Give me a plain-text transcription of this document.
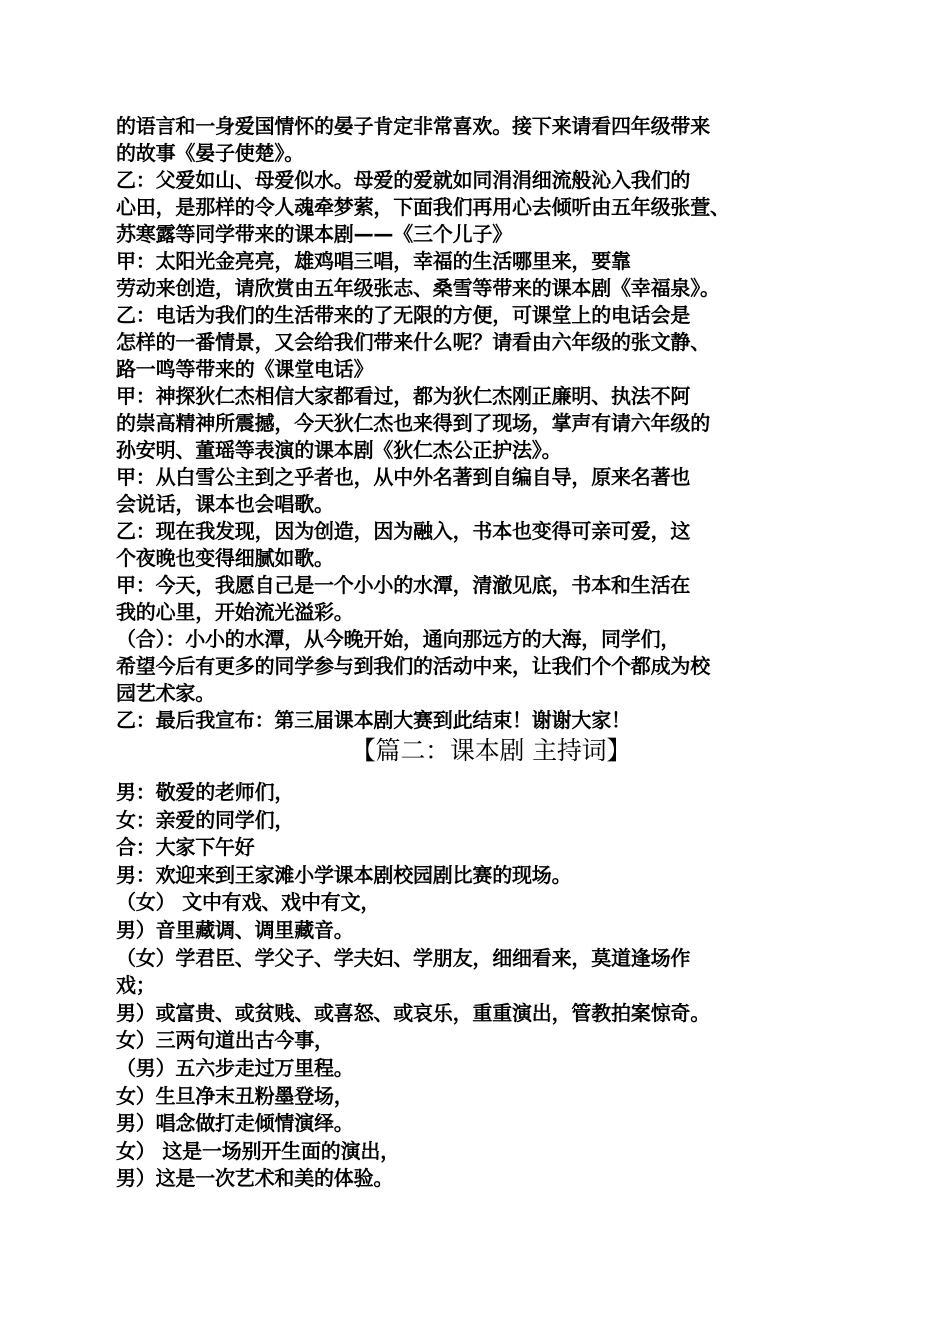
的语言和一身爱国情怀的晏子肯定非常喜欢。接下来请看四年级带来
的故事《晏子使楚》。
乙：父爱如山、母爱似水。母爱的爱就如同涓涓细流般沁入我们的
心田，是那样的令人魂牵梦萦，下面我们再用心去倾听由五年级张萱、
苏寒露等同学带来的课本剧——《三个儿子》
甲：太阳光金亮亮，雄鸡唱三唱，幸福的生活哪里来，要靠
劳动来创造，请欣赏由五年级张志、桑雪等带来的课本剧《幸福泉》。
乙：电话为我们的生活带来的了无限的方便，可课堂上的电话会是
怎样的一番情景，又会给我们带来什么呢？请看由六年级的张文静、
路一鸣等带来的《课堂电话》
甲：神探狄仁杰相信大家都看过，都为狄仁杰刚正廉明、执法不阿
的崇高精神所震撼，今天狄仁杰也来得到了现场，掌声有请六年级的
孙安明、董瑶等表演的课本剧《狄仁杰公正护法》。
甲：从白雪公主到之乎者也，从中外名著到自编自导，原来名著也
会说话，课本也会唱歌。
乙：现在我发现，因为创造，因为融入，书本也变得可亲可爱，这
个夜晚也变得细腻如歌。
甲：今天，我愿自己是一个小小的水潭，清澈见底，书本和生活在
我的心里，开始流光溢彩。
（合）：小小的水潭，从今晚开始，通向那远方的大海，同学们，
希望今后有更多的同学参与到我们的活动中来，让我们个个都成为校
园艺术家。
乙：最后我宣布：第三届课本剧大赛到此结束！谢谢大家！
【篇二：课本剧 主持词】
男：敬爱的老师们，
女：亲爱的同学们，
合：大家下午好
男：欢迎来到王家滩小学课本剧校园剧比赛的现场。
（女） 文中有戏、戏中有文，
男）音里藏调、调里藏音。
（女）学君臣、学父子、学夫妇、学朋友，细细看来，莫道逢场作
戏；
男）或富贵、或贫贱、或喜怒、或哀乐，重重演出，管教拍案惊奇。
女）三两句道出古今事，
（男）五六步走过万里程。
女）生旦净末丑粉墨登场，
男）唱念做打走倾情演绎。
女） 这是一场别开生面的演出，
男）这是一次艺术和美的体验。
